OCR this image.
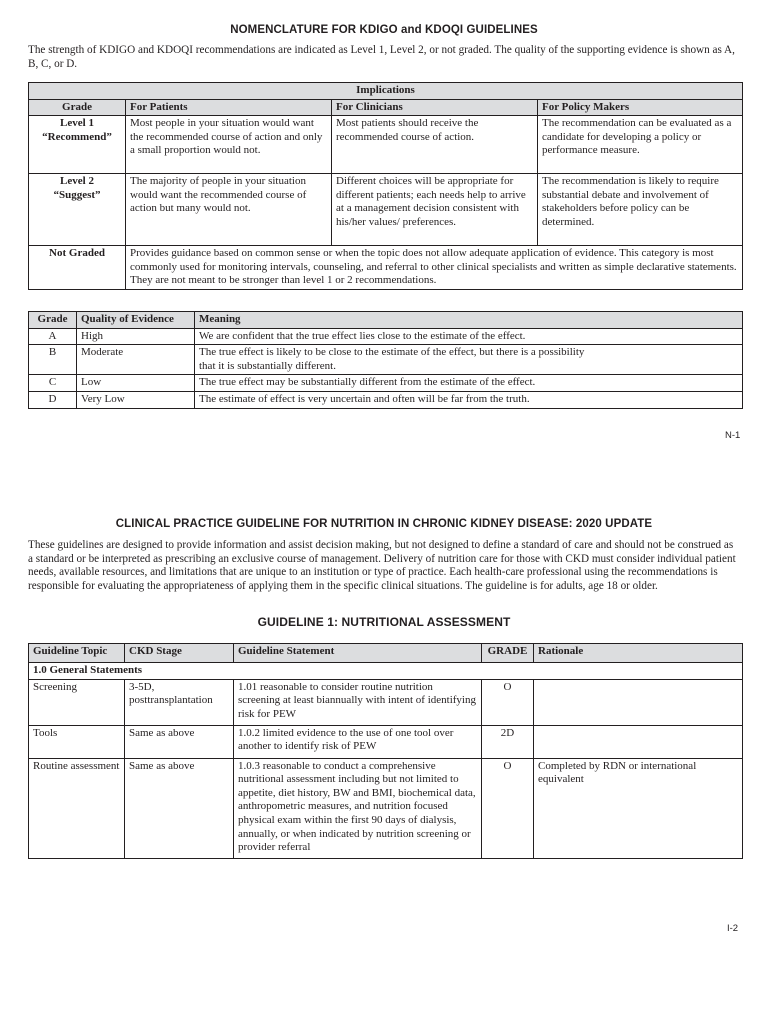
NOMENCLATURE FOR KDIGO and KDOQI GUIDELINES
The strength of KDIGO and KDOQI recommendations are indicated as Level 1, Level 2, or not graded. The quality of the supporting evidence is shown as A, B, C, or D.
Implications			
Grade	For Patients	For Clinicians	For Policy Makers

Level 1
“Recommend”	Most people in your situation would want the recommended course of action and only a small proportion would not.	Most patients should receive the recommended course of action.	The recommendation can be evaluated as a candidate for developing a policy or performance measure.

Level 2
“Suggest”	The majority of people in your situation would want the recommended course of action but many would not.	Different choices will be appropriate for different patients; each needs help to arrive at a management decision consistent with his/her values/ preferences.	The recommendation is likely to require substantial debate and involvement of stakeholders before policy can be determined.
Not Graded	Provides guidance based on common sense or when the topic does not allow adequate application of evidence. This category is most commonly used for monitoring intervals, counseling, and referral to other clinical specialists and written as simple declarative statements. They are not meant to be stronger than level 1 or 2 recommendations.		
Grade	Quality of Evidence	Meaning
A	High	We are confident that the true effect lies close to the estimate of the effect.
B	Moderate	The true effect is likely to be close to the estimate of the effect, but there is a possibility
that it is substantially different.

C	Low	The true effect may be substantially different from the estimate of the effect.
D	Very Low	The estimate of effect is very uncertain and often will be far from the truth.
N-1
CLINICAL PRACTICE GUIDELINE FOR NUTRITION IN CHRONIC KIDNEY DISEASE: 2020 UPDATE
These guidelines are designed to provide information and assist decision making, but not designed to define a standard of care and should not be construed as a standard or be interpreted as prescribing an exclusive course of management. Delivery of nutrition care for those with CKD must consider individual patient needs, available resources, and limitations that are unique to an institution or type of practice. Each health-care professional using the recommendations is responsible for evaluating the appropriateness of applying them in the specific clinical situations. The guideline is for adults, age 18 or older.
GUIDELINE 1: NUTRITIONAL ASSESSMENT
Guideline Topic	CKD Stage	Guideline Statement	GRADE	Rationale
1.0 General Statements				
Screening	3-5D, posttransplantation	1.01 reasonable to consider routine nutrition screening at least biannually with intent of identifying risk for PEW	O	
Tools	Same as above	1.0.2 limited evidence to the use of one tool over another to identify risk of PEW	2D	
Routine assessment	Same as above	1.0.3 reasonable to conduct a comprehensive nutritional assessment including but not limited to appetite, diet history, BW and BMI, biochemical data, anthropometric measures, and nutrition focused physical exam within the first 90 days of dialysis, annually, or when indicated by nutrition screening or provider referral	O	Completed by RDN or international equivalent
I-2
